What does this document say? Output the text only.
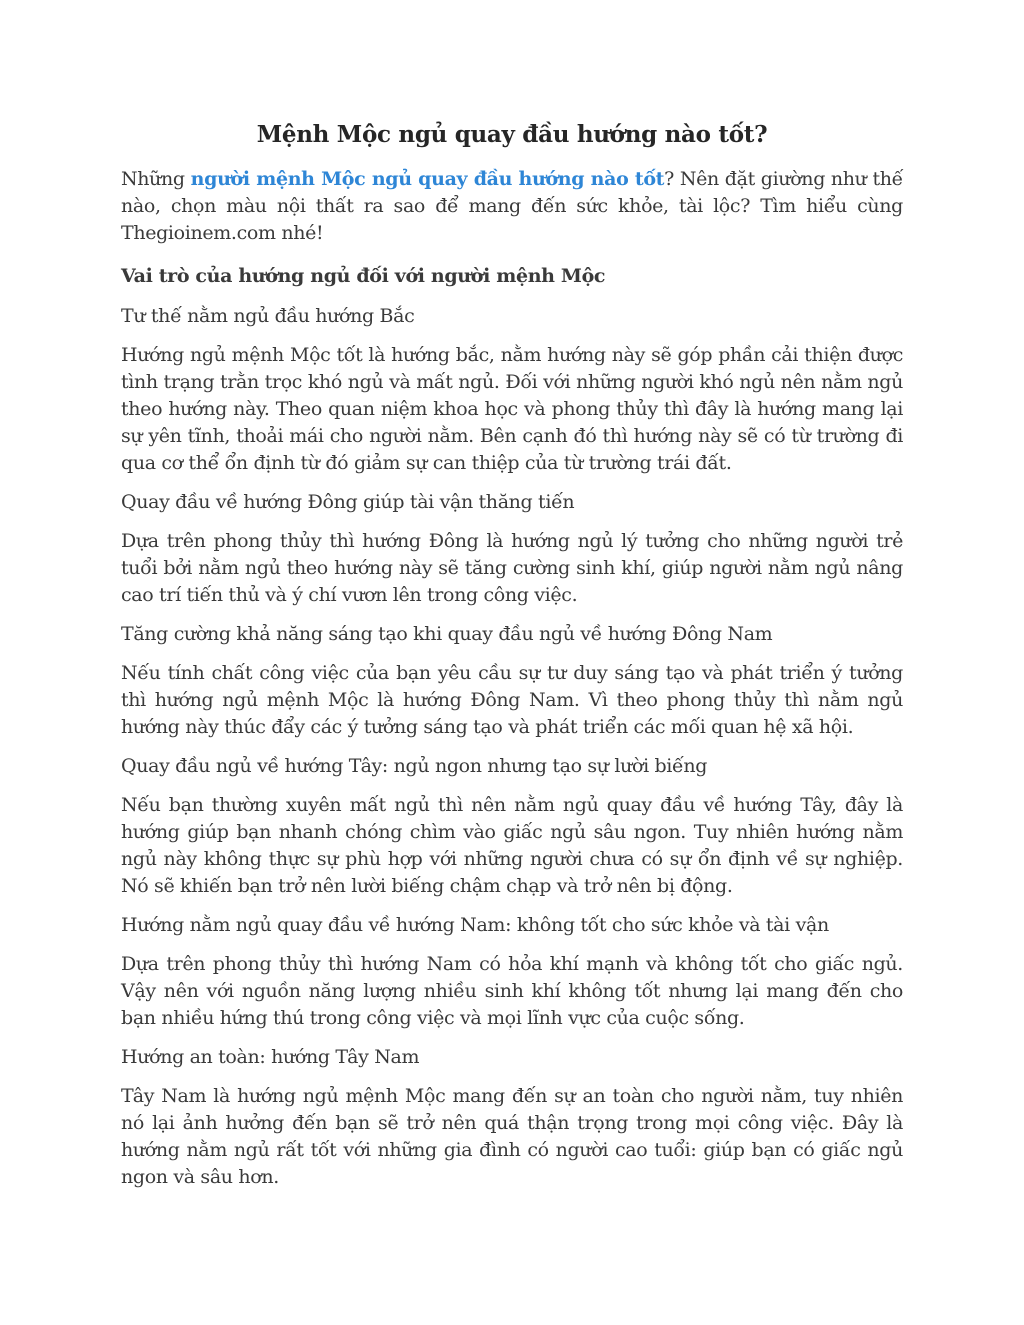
Mệnh Mộc ngủ quay đầu hướng nào tốt?

Những người mệnh Mộc ngủ quay đầu hướng nào tốt? Nên đặt giường như thế nào, chọn màu nội thất ra sao để mang đến sức khỏe, tài lộc? Tìm hiểu cùng Thegioinem.com nhé!

Vai trò của hướng ngủ đối với người mệnh Mộc

Tư thế nằm ngủ đầu hướng Bắc

Hướng ngủ mệnh Mộc tốt là hướng bắc, nằm hướng này sẽ góp phần cải thiện được tình trạng trằn trọc khó ngủ và mất ngủ. Đối với những người khó ngủ nên nằm ngủ theo hướng này. Theo quan niệm khoa học và phong thủy thì đây là hướng mang lại sự yên tĩnh, thoải mái cho người nằm. Bên cạnh đó thì hướng này sẽ có từ trường đi qua cơ thể ổn định từ đó giảm sự can thiệp của từ trường trái đất.

Quay đầu về hướng Đông giúp tài vận thăng tiến

Dựa trên phong thủy thì hướng Đông là hướng ngủ lý tưởng cho những người trẻ tuổi bởi nằm ngủ theo hướng này sẽ tăng cường sinh khí, giúp người nằm ngủ nâng cao trí tiến thủ và ý chí vươn lên trong công việc.

Tăng cường khả năng sáng tạo khi quay đầu ngủ về hướng Đông Nam

Nếu tính chất công việc của bạn yêu cầu sự tư duy sáng tạo và phát triển ý tưởng thì hướng ngủ mệnh Mộc là hướng Đông Nam. Vì theo phong thủy thì nằm ngủ hướng này thúc đẩy các ý tưởng sáng tạo và phát triển các mối quan hệ xã hội.

Quay đầu ngủ về hướng Tây: ngủ ngon nhưng tạo sự lười biếng

Nếu bạn thường xuyên mất ngủ thì nên nằm ngủ quay đầu về hướng Tây, đây là hướng giúp bạn nhanh chóng chìm vào giấc ngủ sâu ngon. Tuy nhiên hướng nằm ngủ này không thực sự phù hợp với những người chưa có sự ổn định về sự nghiệp. Nó sẽ khiến bạn trở nên lười biếng chậm chạp và trở nên bị động.

Hướng nằm ngủ quay đầu về hướng Nam: không tốt cho sức khỏe và tài vận

Dựa trên phong thủy thì hướng Nam có hỏa khí mạnh và không tốt cho giấc ngủ. Vậy nên với nguồn năng lượng nhiều sinh khí không tốt nhưng lại mang đến cho bạn nhiều hứng thú trong công việc và mọi lĩnh vực của cuộc sống.

Hướng an toàn: hướng Tây Nam

Tây Nam là hướng ngủ mệnh Mộc mang đến sự an toàn cho người nằm, tuy nhiên nó lại ảnh hưởng đến bạn sẽ trở nên quá thận trọng trong mọi công việc. Đây là hướng nằm ngủ rất tốt với những gia đình có người cao tuổi: giúp bạn có giấc ngủ ngon và sâu hơn.
